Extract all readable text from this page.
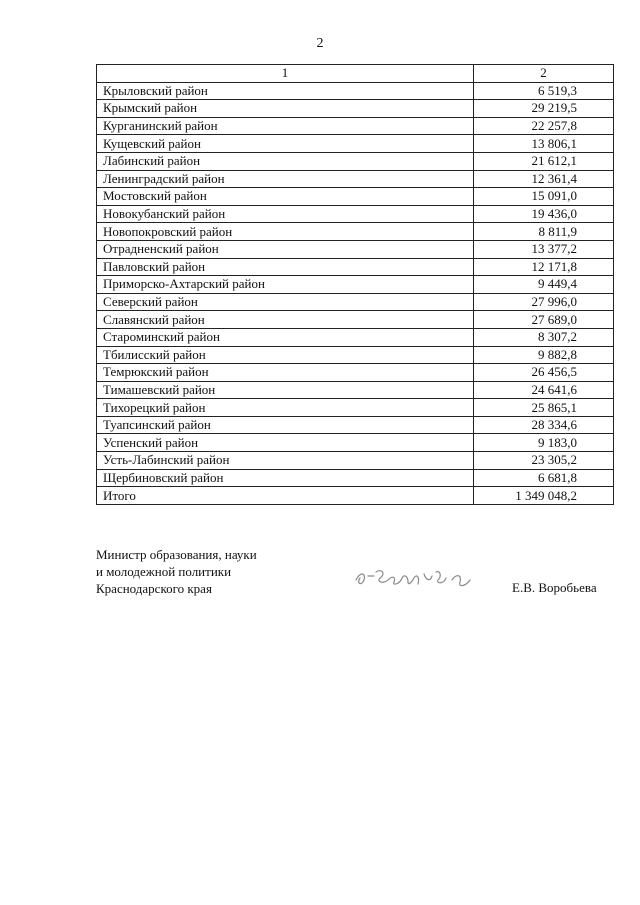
2
1	2
Крыловский район	6 519,3
Крымский район	29 219,5
Курганинский район	22 257,8
Кущевский район	13 806,1
Лабинский район	21 612,1
Ленинградский район	12 361,4
Мостовский район	15 091,0
Новокубанский район	19 436,0
Новопокровский район	8 811,9
Отрадненский район	13 377,2
Павловский район	12 171,8
Приморско-Ахтарский район	9 449,4
Северский район	27 996,0
Славянский район	27 689,0
Староминский район	8 307,2
Тбилисский район	9 882,8
Темрюкский район	26 456,5
Тимашевский район	24 641,6
Тихорецкий район	25 865,1
Туапсинский район	28 334,6
Успенский район	9 183,0
Усть-Лабинский район	23 305,2
Щербиновский район	6 681,8
Итого	1 349 048,2
Министр образования, науки
и молодежной политики
Краснодарского края	Е.В. Воробьева
